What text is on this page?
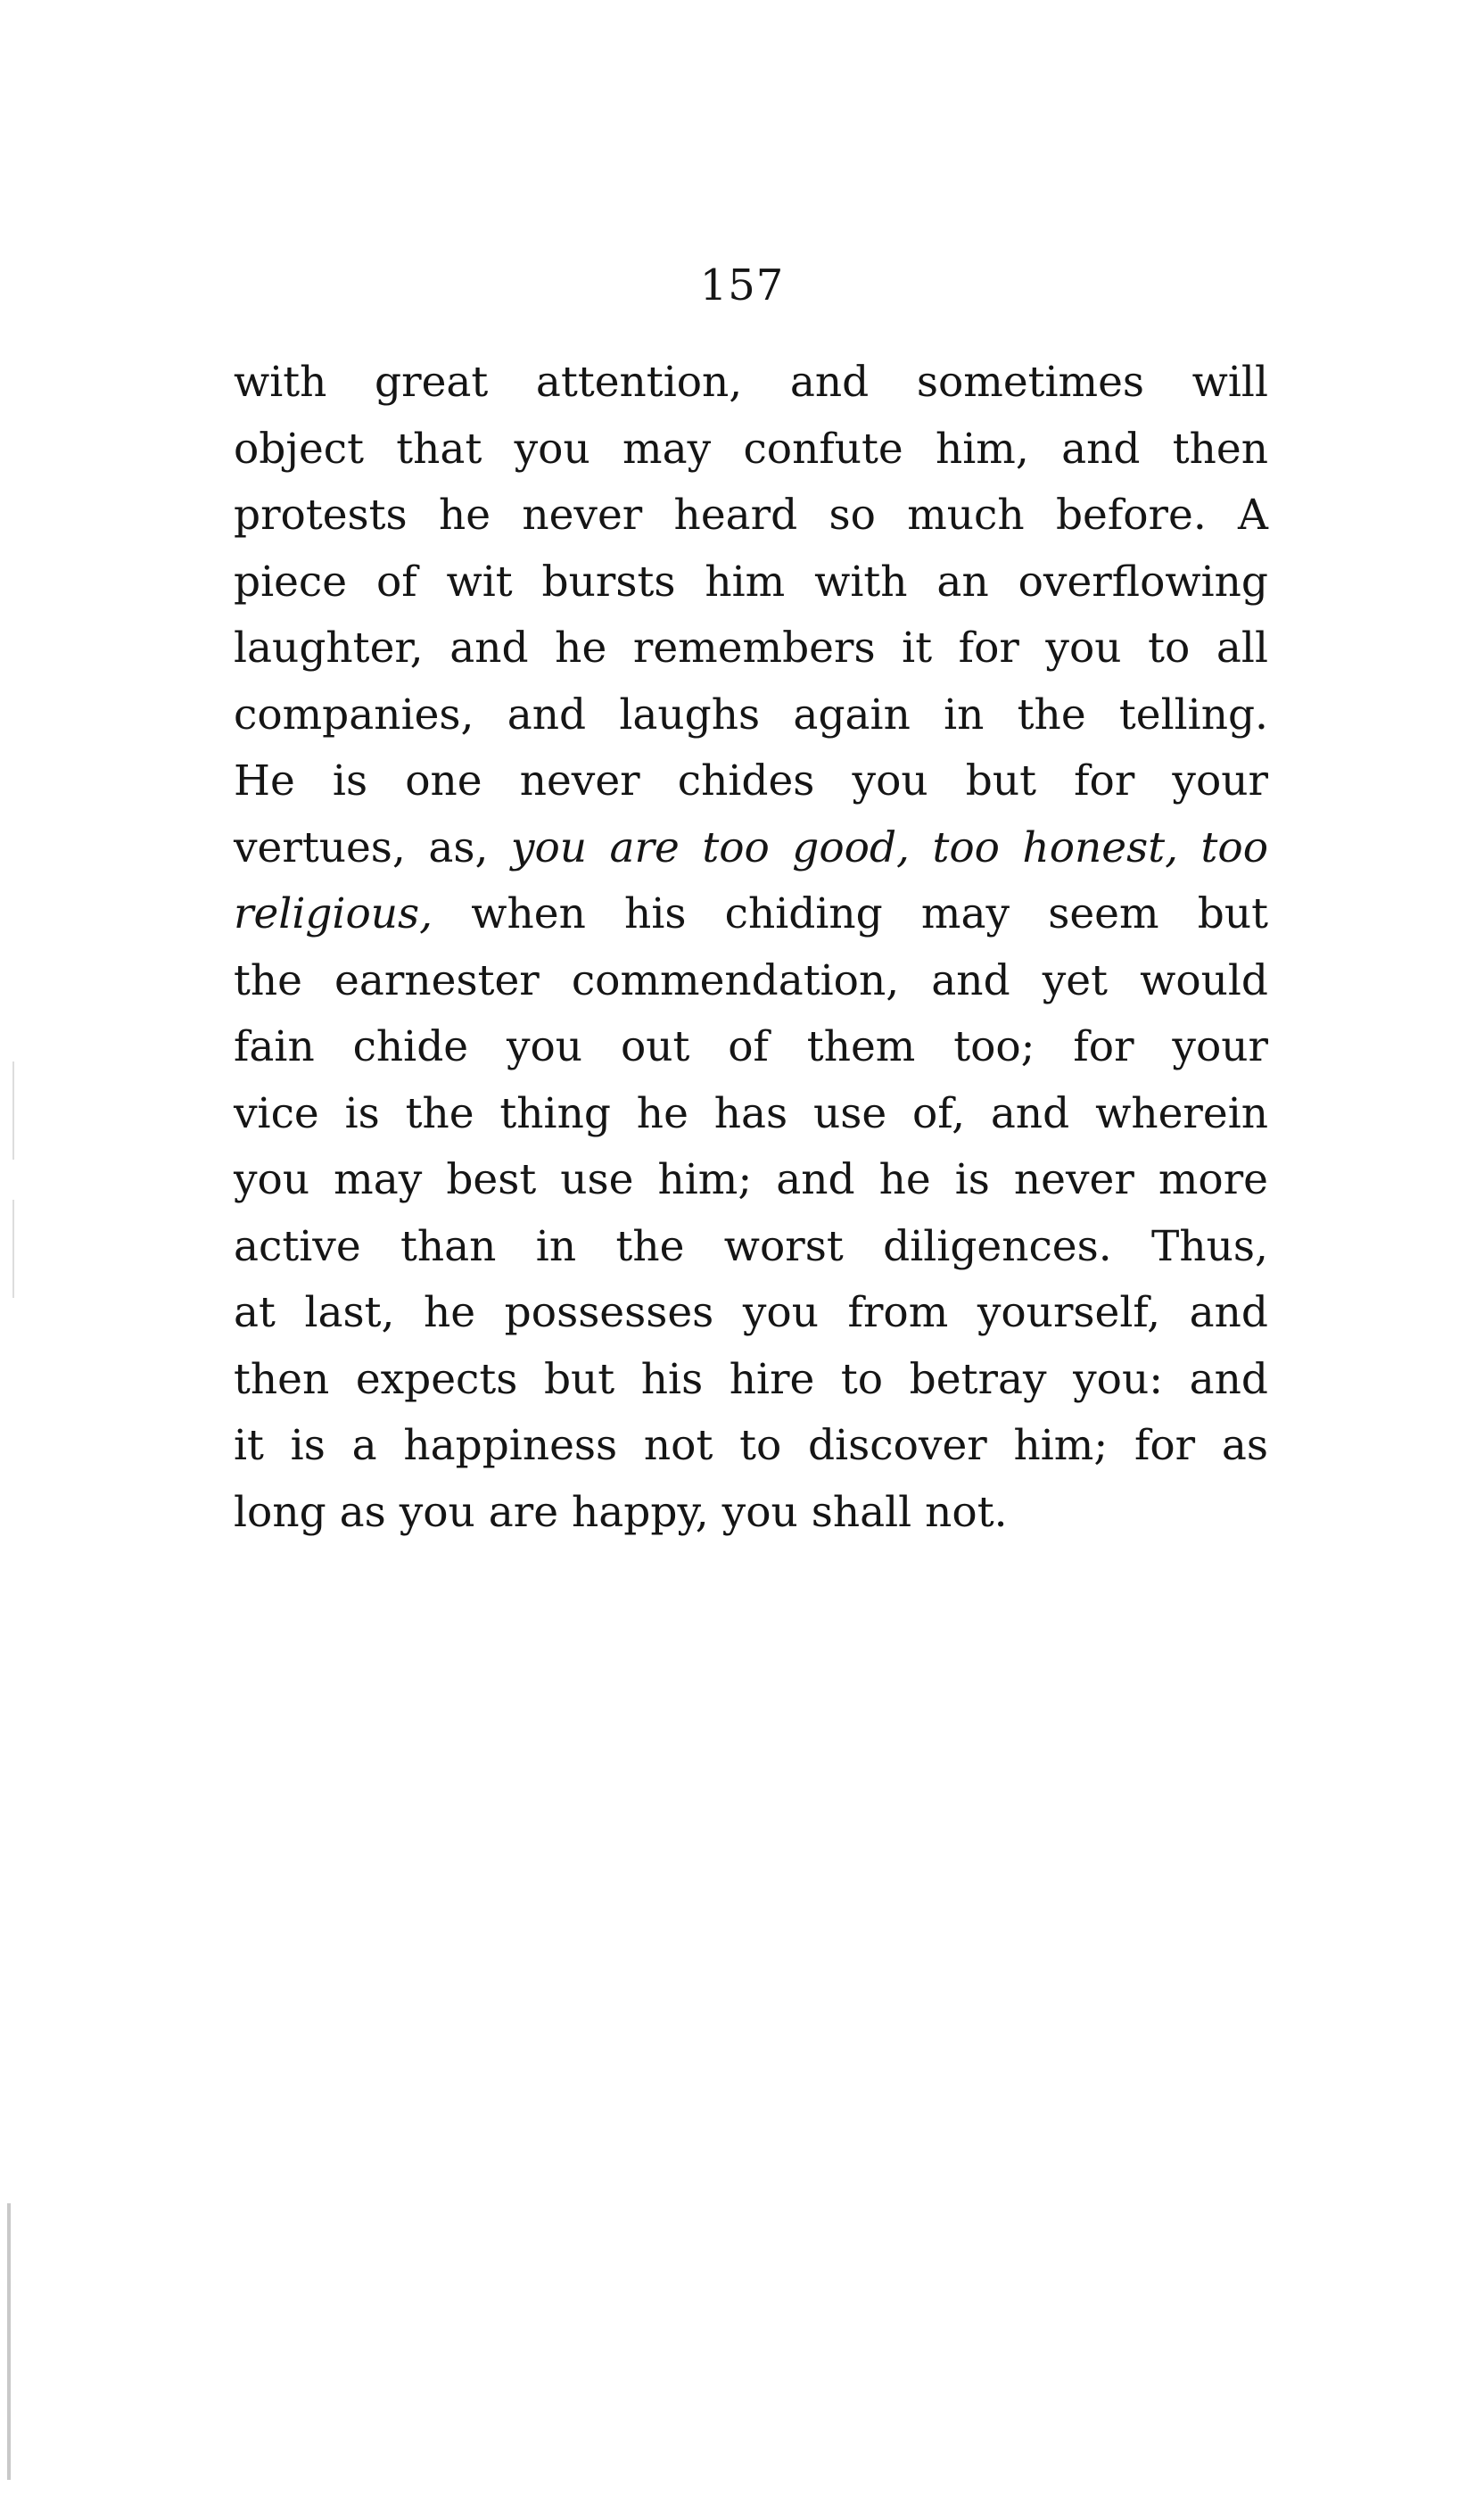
157
with great attention, and sometimes will
object that you may confute him, and then
protests he never heard so much before. A
piece of wit bursts him with an overflowing
laughter, and he remembers it for you to all
companies, and laughs again in the telling.
He is one never chides you but for your
vertues, as, you are too good, too honest, too
religious, when his chiding may seem but
the earnester commendation, and yet would
fain chide you out of them too; for your
vice is the thing he has use of, and wherein
you may best use him; and he is never more
active than in the worst diligences. Thus,
at last, he possesses you from yourself, and
then expects but his hire to betray you: and
it is a happiness not to discover him; for as
long as you are happy, you shall not.
